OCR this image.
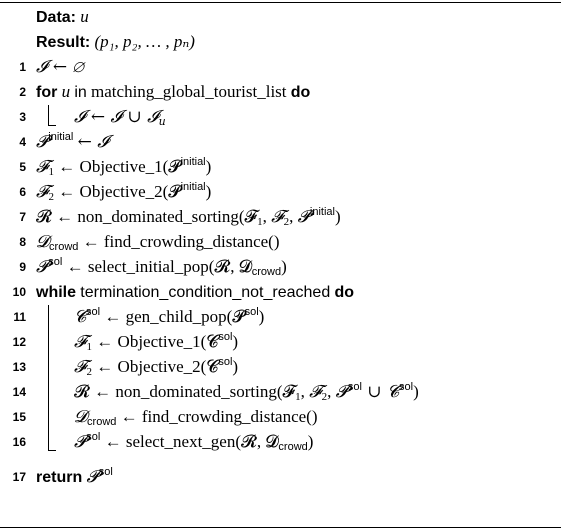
Data: u
Result: (p₁, p₂, … , pₙ)
1 𝓘 ← ∅
2 for u in matching_global_tourist_list do
3	𝓘 ← 𝓘 ∪ 𝓘$_u$
4 𝓟$^{initial}$ ← 𝓘
5 𝓕$_1$ ← Objective_1(𝓟$^{initial}$)
6 𝓕$_2$ ← Objective_2(𝓟$^{initial}$)
7 𝓡 ← non_dominated_sorting(𝓕$_1$, 𝓕$_2$, 𝓟$^{initial}$)
8 𝓓$_{crowd}$ ← find_crowding_distance()
9 𝓟$^{sol}$ ← select_initial_pop(𝓡, 𝓓$_{crowd}$)
10 while termination_condition_not_reached do
11	𝓒$^{sol}$ ← gen_child_pop(𝓟$^{sol}$)
12	𝓕$_1$ ← Objective_1(𝓒$^{sol}$)
13	𝓕$_2$ ← Objective_2(𝓒$^{sol}$)
14	𝓡 ← non_dominated_sorting(𝓕$_1$, 𝓕$_2$, 𝓟$^{sol}$ ∪ 𝓒$^{sol}$)
15	𝓓$_{crowd}$ ← find_crowding_distance()
16	𝓟$^{sol}$ ← select_next_gen(𝓡, 𝓓$_{crowd}$)
17 return 𝓟$^{sol}$
